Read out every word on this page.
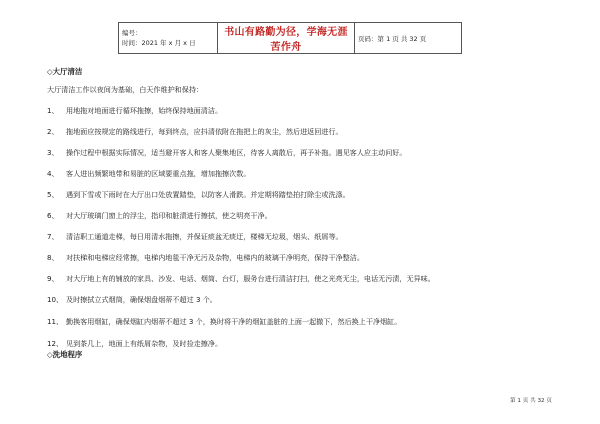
编号：
时间：2021 年 x 月 x 日
	书山有路勤为径，学海无涯苦作舟	页码：第 1 页 共 32 页
◇大厅清洁
大厅清洁工作以夜间为基础，白天作维护和保持：
1、 用地拖对地面进行循环拖擦，始终保持地面清洁。
2、 拖地面应按规定的路线进行，每到终点，应抖清依附在拖把上的灰尘，然后进返回进行。
3、 操作过程中根据实际情况，适当避开客人和客人聚集地区，待客人离散后，再予补拖。遇见客人应主动问好。
4、 客人进出频繁地带和易脏的区域要重点拖，增加拖擦次数。
5、 遇到下雪或下雨时在大厅出口处放置踏垫，以防客人滑跌。并定期将踏垫拍打除尘或洗涤。
6、 对大厅玻璃门窗上的浮尘，指印和脏渍进行擦拭，使之明亮干净。
7、 清洁职工通道走梯，每日用清水拖擦，并保证痰盆无痰迂，楼梯无垃圾，烟头、纸屑等。
8、 对扶梯和电梯应经常擦，电梯内地毯干净无污及杂物，电梯内的玻璃干净明亮，保持干净整洁。
9、 对大厅地上有的铺放的家具、沙发、电话、烟筒、台灯，服务台进行清洁打扫，使之光亮无尘，电话无污渍，无异味。
10、 及时擦拭立式烟筒，确保烟盘烟蒂不超过 3 个。
11、 勤换客用烟缸，确保烟缸内烟蒂不超过 3 个，换时将干净的烟缸盖脏的上面一起撤下，然后换上干净烟缸。
12、 见到茶几上，地面上有纸屑杂物，及时捡走擦净。
◇洗地程序
第 1 页 共 32 页
